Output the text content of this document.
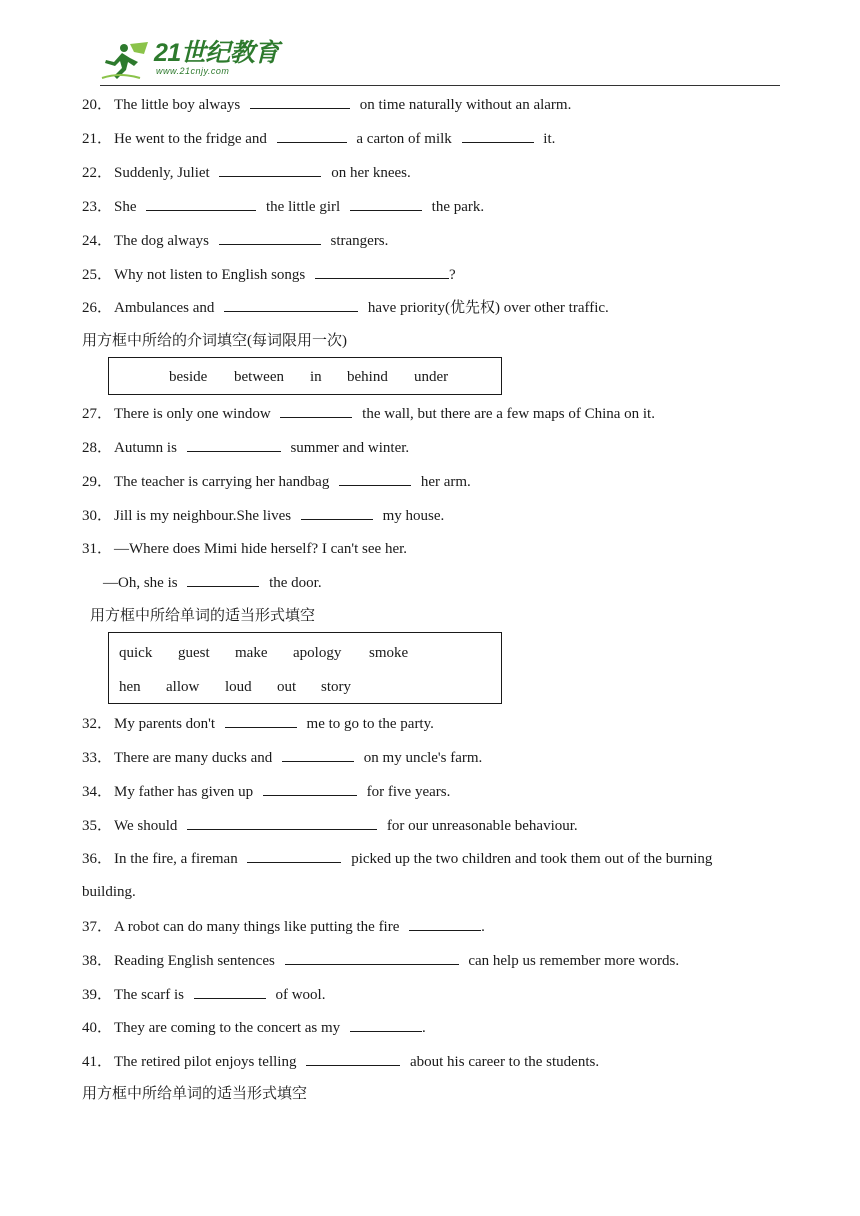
21世纪教育
www.21cnjy.com
20． The little boy always	on time naturally without an alarm.
21． He went to the fridge and	a carton of milk	it.
22． Suddenly, Juliet	on her knees.
23． She	the little girl	the park.
24． The dog always	strangers.
25． Why not listen to English songs	?
26． Ambulances and	have priority(优先权) over other traffic.
用方框中所给的介词填空(每词限用一次)
beside between in behind under
27． There is only one window	the wall, but there are a few maps of China on it.
28． Autumn is	summer and winter.
29． The teacher is carrying her handbag	her arm.
30． Jill is my neighbour.She lives	my house.
31． —Where does Mimi hide herself? I can't see her.
—Oh, she is	the door.
用方框中所给单词的适当形式填空
quick guest make apology smoke
hen allow loud out story
32． My parents don't	me to go to the party.
33． There are many ducks and	on my uncle's farm.
34． My father has given up	for five years.
35． We should	for our unreasonable behaviour.
36． In the fire, a fireman	picked up the two children and took them out of the burning
building.
37． A robot can do many things like putting the fire	.
38． Reading English sentences	can help us remember more words.
39． The scarf is	of wool.
40． They are coming to the concert as my	.
41． The retired pilot enjoys telling	about his career to the students.
用方框中所给单词的适当形式填空
